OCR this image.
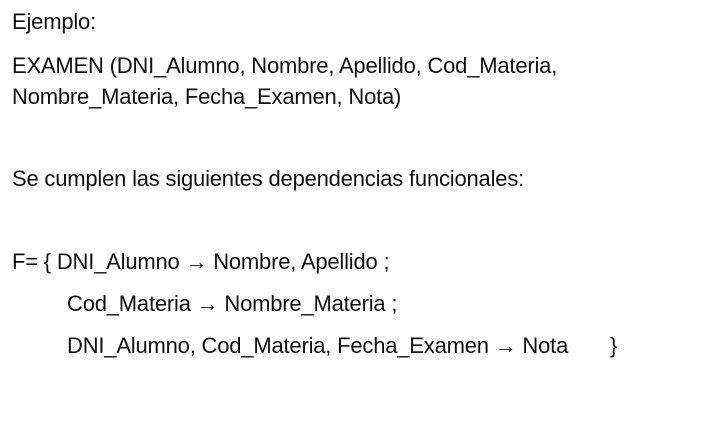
Ejemplo:
EXAMEN (DNI_Alumno, Nombre, Apellido, Cod_Materia,
Nombre_Materia, Fecha_Examen, Nota)
Se cumplen las siguientes dependencias funcionales:
F= { DNI_Alumno → Nombre, Apellido ;
Cod_Materia → Nombre_Materia ;
DNI_Alumno, Cod_Materia, Fecha_Examen → Nota }
